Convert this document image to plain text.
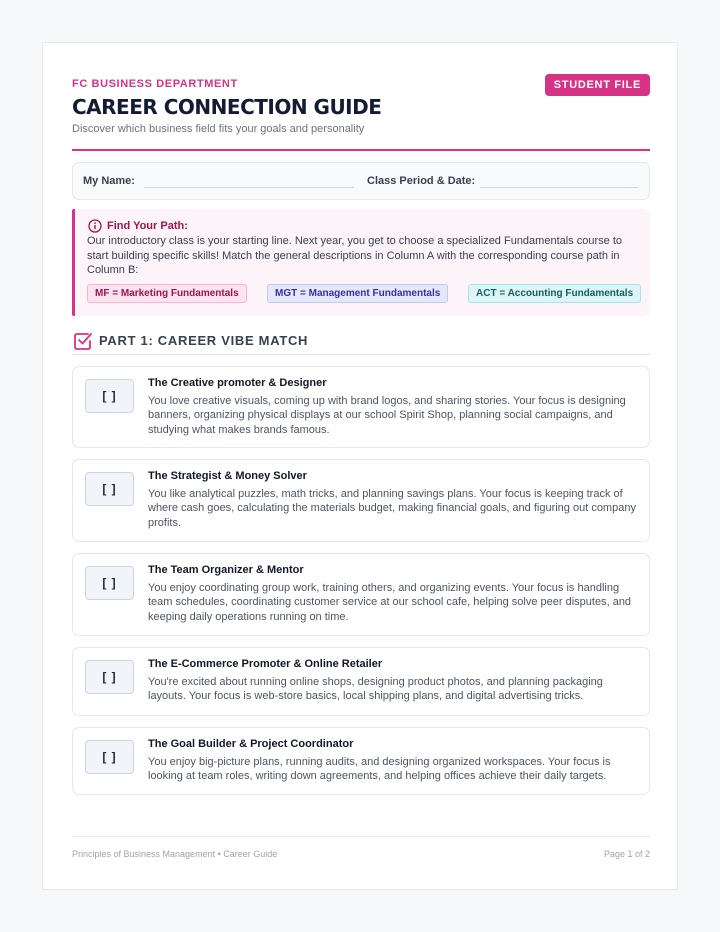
FC BUSINESS DEPARTMENT
CAREER CONNECTION GUIDE
Discover which business field fits your goals and personality
STUDENT FILE
My Name:	Class Period & Date:
Find Your Path:
Our introductory class is your starting line. Next year, you get to choose a specialized Fundamentals course to start building specific skills! Match the general descriptions in Column A with the corresponding course path in Column B:
MF = Marketing Fundamentals	MGT = Management Fundamentals	ACT = Accounting Fundamentals
PART 1: CAREER VIBE MATCH
[ ]
The Creative promoter & Designer
You love creative visuals, coming up with brand logos, and sharing stories. Your focus is designing banners, organizing physical displays at our school Spirit Shop, planning social campaigns, and studying what makes brands famous.
[ ]
The Strategist & Money Solver
You like analytical puzzles, math tricks, and planning savings plans. Your focus is keeping track of where cash goes, calculating the materials budget, making financial goals, and figuring out company profits.
[ ]
The Team Organizer & Mentor
You enjoy coordinating group work, training others, and organizing events. Your focus is handling team schedules, coordinating customer service at our school cafe, helping solve peer disputes, and keeping daily operations running on time.
[ ]
The E-Commerce Promoter & Online Retailer
You're excited about running online shops, designing product photos, and planning packaging layouts. Your focus is web-store basics, local shipping plans, and digital advertising tricks.
[ ]
The Goal Builder & Project Coordinator
You enjoy big-picture plans, running audits, and designing organized workspaces. Your focus is looking at team roles, writing down agreements, and helping offices achieve their daily targets.
Principles of Business Management • Career Guide	Page 1 of 2
